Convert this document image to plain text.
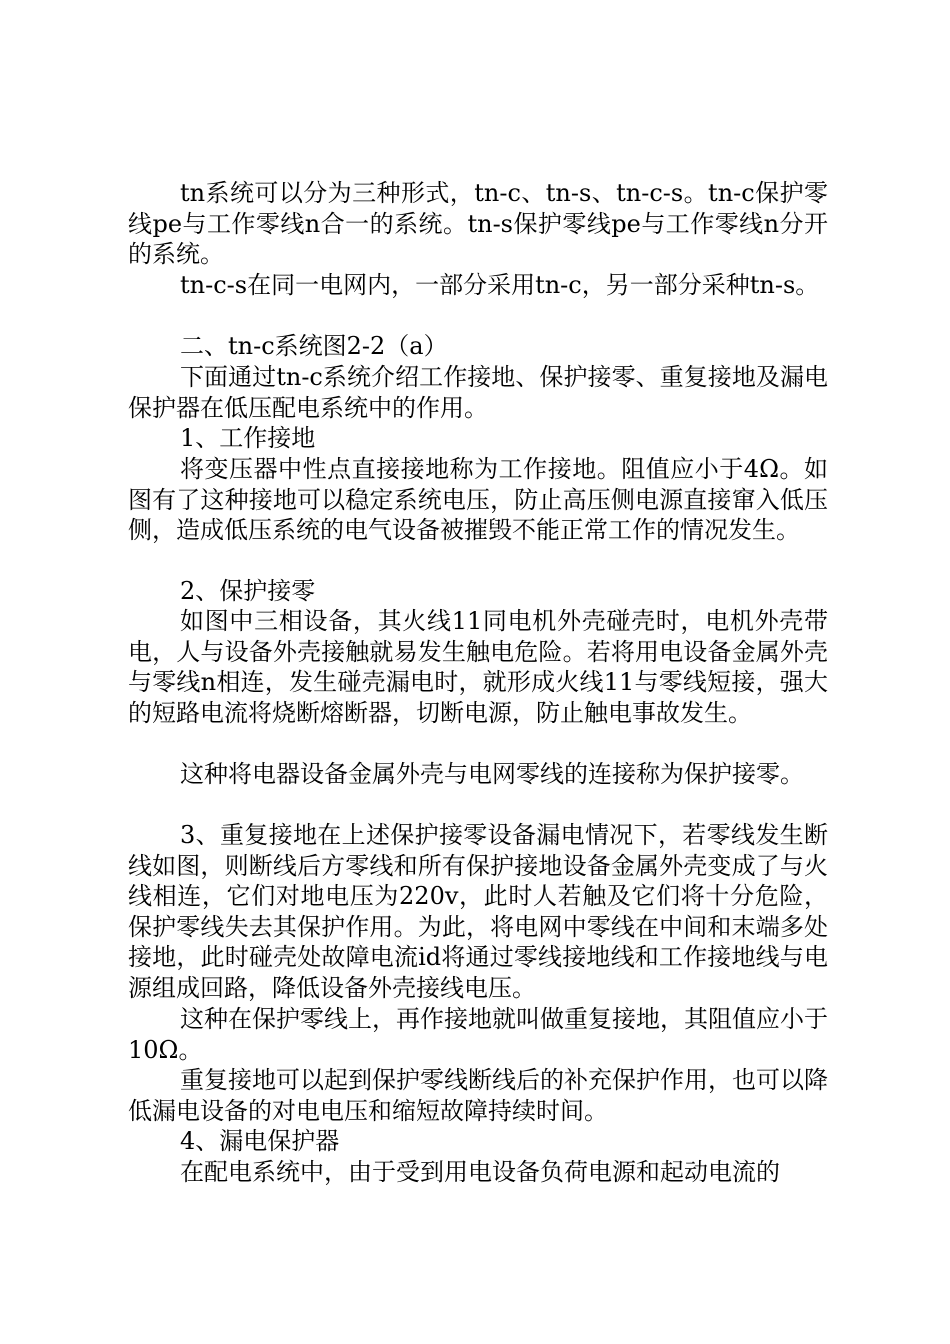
tn系统可以分为三种形式，tn-c、tn-s、tn-c-s。tn-c保护零线pe与工作零线n合一的系统。tn-s保护零线pe与工作零线n分开的系统。

tn-c-s在同一电网内，一部分采用tn-c，另一部分采种tn-s。

二、tn-c系统图2-2（a）

下面通过tn-c系统介绍工作接地、保护接零、重复接地及漏电保护器在低压配电系统中的作用。

1、工作接地

将变压器中性点直接接地称为工作接地。阻值应小于4Ω。如图有了这种接地可以稳定系统电压，防止高压侧电源直接窜入低压侧，造成低压系统的电气设备被摧毁不能正常工作的情况发生。

2、保护接零

如图中三相设备，其火线11同电机外壳碰壳时，电机外壳带电，人与设备外壳接触就易发生触电危险。若将用电设备金属外壳与零线n相连，发生碰壳漏电时，就形成火线11与零线短接，强大的短路电流将烧断熔断器，切断电源，防止触电事故发生。

这种将电器设备金属外壳与电网零线的连接称为保护接零。

3、重复接地在上述保护接零设备漏电情况下，若零线发生断线如图，则断线后方零线和所有保护接地设备金属外壳变成了与火线相连，它们对地电压为220v，此时人若触及它们将十分危险，保护零线失去其保护作用。为此，将电网中零线在中间和末端多处接地，此时碰壳处故障电流id将通过零线接地线和工作接地线与电源组成回路，降低设备外壳接线电压。

这种在保护零线上，再作接地就叫做重复接地，其阻值应小于10Ω。

重复接地可以起到保护零线断线后的补充保护作用，也可以降低漏电设备的对电电压和缩短故障持续时间。

4、漏电保护器

在配电系统中，由于受到用电设备负荷电源和起动电流的
